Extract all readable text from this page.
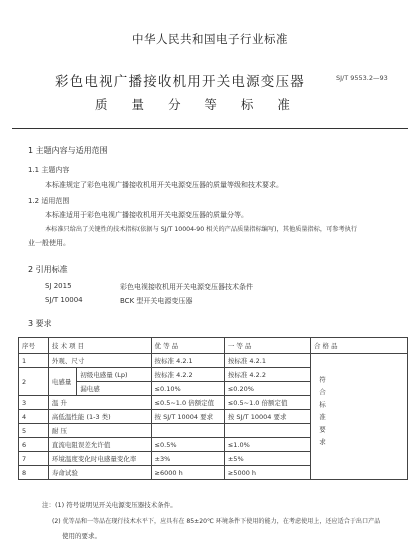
中华人民共和国电子行业标准
彩色电视广播接收机用开关电源变压器	SJ/T 9553.2—93
质 量 分 等 标 准
1 主题内容与适用范围
1.1 主题内容
本标准规定了彩色电视广播接收机用开关电源变压器的质量等级和技术要求。
1.2 适用范围
本标准适用于彩色电视广播接收机用开关电源变压器的质量分等。
本标准只给出了关键性的技术指标(依据与 SJ/T 10004-90 相关的产品质量指标编写)，其他质量指标，可参考执行
业一般使用。
2 引用标准
SJ 2015	彩色电视接收机用开关电源变压器技术条件
SJ/T 10004	BCK 型开关电源变压器
3 要求
序号	技 术 项 目		优 等 品	一 等 品	合 格 品
1	外观、尺寸		按标准 4.2.1	按标准 4.2.1	符合标准要求
2	电感量	初级电感量 (Lp)	按标准 4.2.2	按标准 4.2.2	
		漏电感	≤0.10%	≤0.20%	
3	温 升		≤0.5~1.0 倍额定值	≤0.5~1.0 倍额定值	
4	高低温性能 (1-3 类)		按 SJ/T 10004 要求	按 SJ/T 10004 要求	
5	耐 压				
6	直流电阻误差允许值		≤0.5%	≤1.0%	
7	环境温度变化时电感量变化率		±3%	±5%	
8	寿命试验		≥6000 h	≥5000 h	
注：(1) 符号说明见开关电源变压器技术条件。
(2) 优等品和一等品在现行技术水平下，应具有在 85±20℃ 环境条件下使用的能力，在考虑使用上，还应适合于出口产品
使用的要求。
